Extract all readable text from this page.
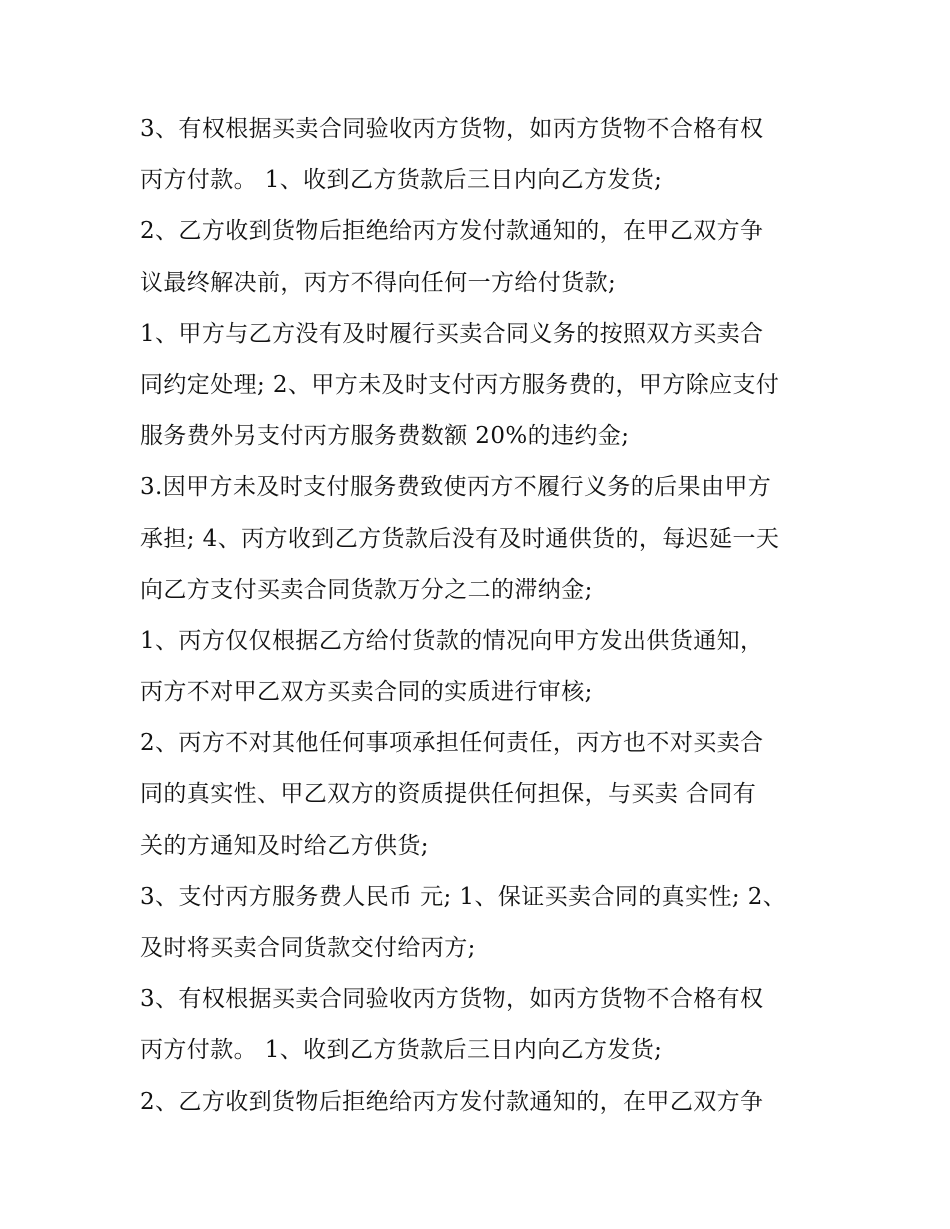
3、有权根据买卖合同验收丙方货物，如丙方货物不合格有权
丙方付款。 1、收到乙方货款后三日内向乙方发货;
2、乙方收到货物后拒绝给丙方发付款通知的，在甲乙双方争
议最终解决前，丙方不得向任何一方给付货款;
1、甲方与乙方没有及时履行买卖合同义务的按照双方买卖合
同约定处理; 2、甲方未及时支付丙方服务费的，甲方除应支付
服务费外另支付丙方服务费数额 20%的违约金;
3.因甲方未及时支付服务费致使丙方不履行义务的后果由甲方
承担; 4、丙方收到乙方货款后没有及时通供货的，每迟延一天
向乙方支付买卖合同货款万分之二的滞纳金;
1、丙方仅仅根据乙方给付货款的情况向甲方发出供货通知，
丙方不对甲乙双方买卖合同的实质进行审核;
2、丙方不对其他任何事项承担任何责任，丙方也不对买卖合
同的真实性、甲乙双方的资质提供任何担保，与买卖 合同有
关的方通知及时给乙方供货;
3、支付丙方服务费人民币 元; 1、保证买卖合同的真实性; 2、
及时将买卖合同货款交付给丙方;
3、有权根据买卖合同验收丙方货物，如丙方货物不合格有权
丙方付款。 1、收到乙方货款后三日内向乙方发货;
2、乙方收到货物后拒绝给丙方发付款通知的，在甲乙双方争
